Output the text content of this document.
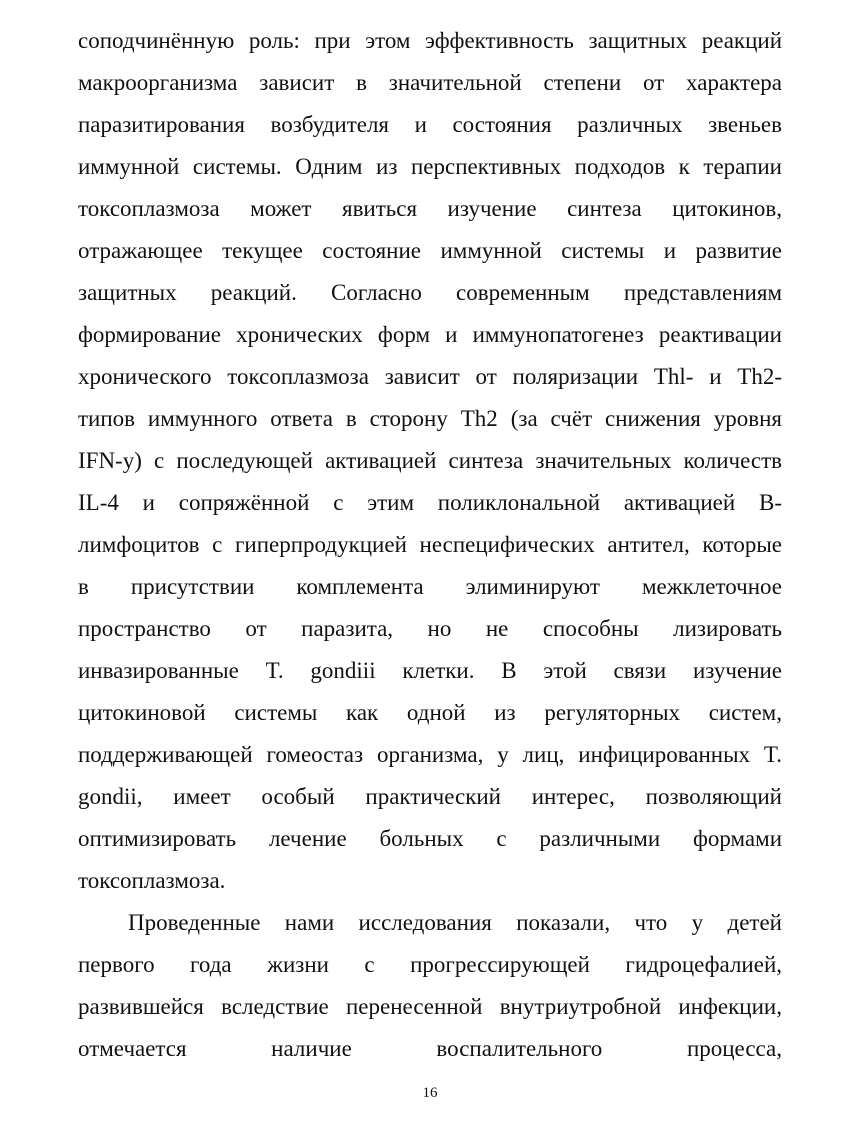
соподчинённую роль: при этом эффективность защитных реакций
макроорганизма зависит в значительной степени от характера
паразитирования возбудителя и состояния различных звеньев
иммунной системы. Одним из перспективных подходов к терапии
токсоплазмоза может явиться изучение синтеза цитокинов,
отражающее текущее состояние иммунной системы и развитие
защитных реакций. Согласно современным представлениям
формирование хронических форм и иммунопатогенез реактивации
хронического токсоплазмоза зависит от поляризации Thl- и Th2-
типов иммунного ответа в сторону Th2 (за счёт снижения уровня
IFN-y) с последующей активацией синтеза значительных количеств
IL-4 и сопряжённой с этим поликлональной активацией B-
лимфоцитов с гиперпродукцией неспецифических антител, которые
в присутствии комплемента элиминируют межклеточное
пространство от паразита, но не способны лизировать
инвазированные T. gondiii клетки. В этой связи изучение
цитокиновой системы как одной из регуляторных систем,
поддерживающей гомеостаз организма, у лиц, инфицированных T.
gondii, имеет особый практический интерес, позволяющий
оптимизировать лечение больных с различными формами
токсоплазмоза.
Проведенные нами исследования показали, что у детей
первого года жизни с прогрессирующей гидроцефалией,
развившейся вследствие перенесенной внутриутробной инфекции,
отмечается наличие воспалительного процесса,
16
